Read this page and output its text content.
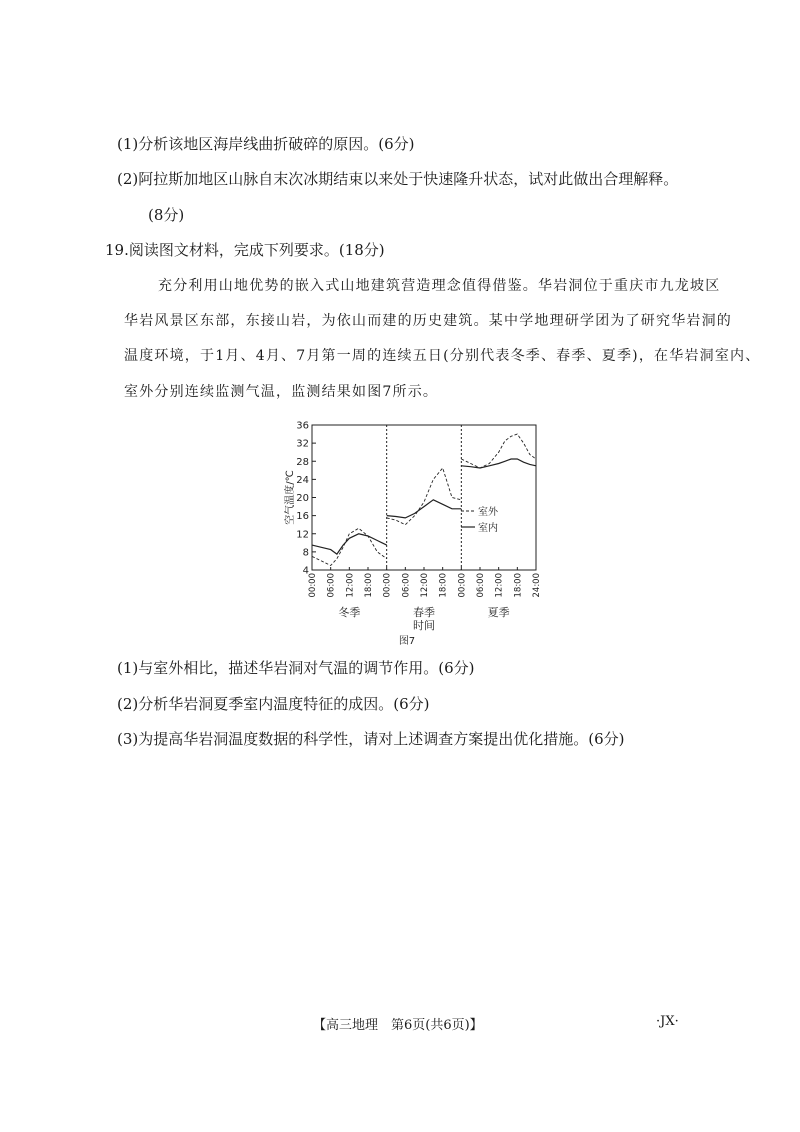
(1)分析该地区海岸线曲折破碎的原因。(6分)
(2)阿拉斯加地区山脉自末次冰期结束以来处于快速隆升状态，试对此做出合理解释。
(8分)
19.阅读图文材料，完成下列要求。(18分)
充分利用山地优势的嵌入式山地建筑营造理念值得借鉴。华岩洞位于重庆市九龙坡区
华岩风景区东部，东接山岩，为依山而建的历史建筑。某中学地理研学团为了研究华岩洞的
温度环境，于1月、4月、7月第一周的连续五日(分别代表冬季、春季、夏季)，在华岩洞室内、
室外分别连续监测气温，监测结果如图7所示。
4
8
12
16
20
24
28
32
36
空气温度/℃
00:00 06:00 12:00 18:00
冬季
00:00 06:00 12:00 18:00
春季
00:00 06:00 12:00 18:00 24:00
夏季
时间
室外
室内
图7
(1)与室外相比，描述华岩洞对气温的调节作用。(6分)
(2)分析华岩洞夏季室内温度特征的成因。(6分)
(3)为提高华岩洞温度数据的科学性，请对上述调查方案提出优化措施。(6分)
【高三地理　第6页(共6页)】	·JX·
